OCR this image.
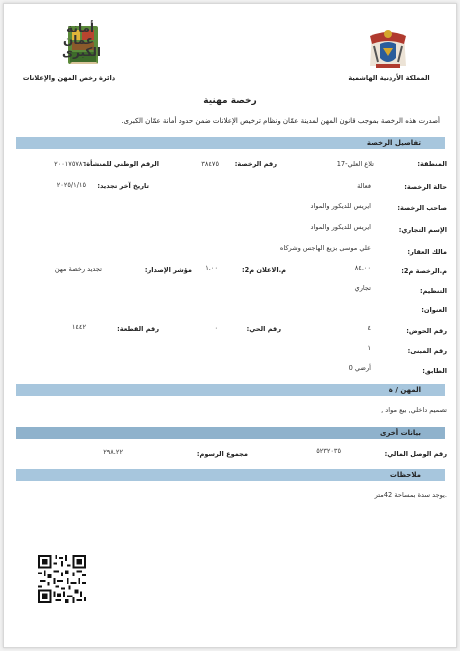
المملكة الأردنية الهاشمية
أمانة
عمان
الكبرى
دائرة رخص المهن والإعلانات
رخصة مهنية
أصدرت هذه الرخصة بموجب قانون المهن لمدينة عمّان ونظام ترخيص الإعلانات ضمن حدود أمانة عمّان الكبرى.
تفاصيل الرخصة
المنطقة:
تلاع العلي-17
رقم الرخصة:
٣٨٤٧٥
الرقم الوطني للمنشأة:
٢٠٠١٧٥٧٨٦
حالة الرخصة:
فعالة
تاريخ آخر تجديد:
٢٠٢٥/١/١٥
صاحب الرخصة:
ايريس للديكور والمواد
الإسم التجاري:
ايريس للديكور والمواد
مالك العقار:
علي موسى بزيع الهاجس وشركاه
م.الرخصة م2:
٨٤.٠٠
م.الاعلان م2:
١.٠٠
مؤشر الإصدار:
تجديد رخصة مهن
التنظيم:
تجاري
العنوان:
رقم الحوض:
٤
رقم الحي:
٠
رقم القطعة:
١٤٤٢
رقم المبنى:
١
الطابق:
أرضي 0
المهن / ة
تصميم داخلي, بيع مواد ,
بيانات أخرى
رقم الوصل المالي:
٥٢٣٢٠٣٥
مجموع الرسوم:
٢٩٨.٢٢
ملاحظات
.يوجد سدة بمساحة 42متر
